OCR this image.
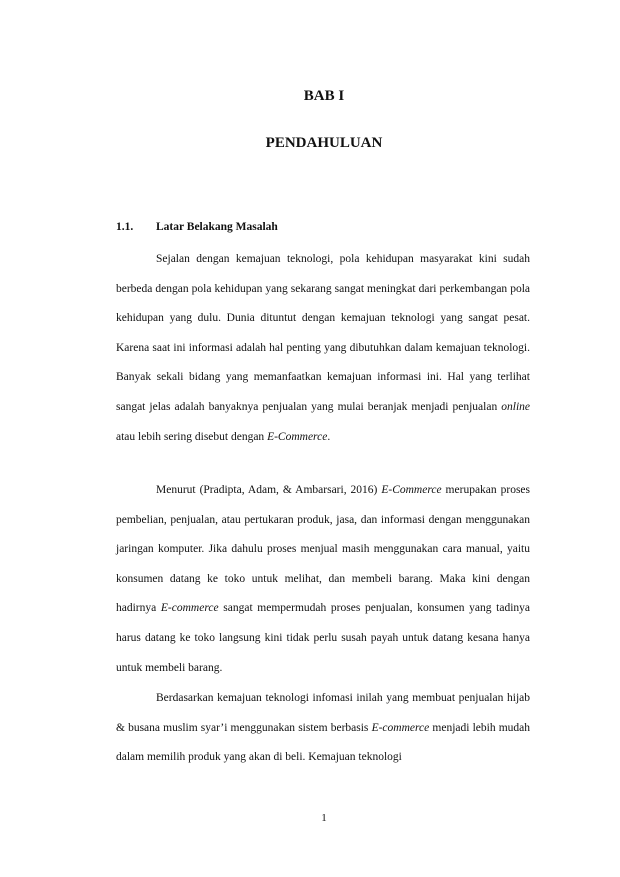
BAB I
PENDAHULUAN
1.1. Latar Belakang Masalah

Sejalan dengan kemajuan teknologi, pola kehidupan masyarakat kini sudah berbeda dengan pola kehidupan yang sekarang sangat meningkat dari perkembangan pola kehidupan yang dulu. Dunia dituntut dengan kemajuan teknologi yang sangat pesat. Karena saat ini informasi adalah hal penting yang dibutuhkan dalam kemajuan teknologi. Banyak sekali bidang yang memanfaatkan kemajuan informasi ini. Hal yang terlihat sangat jelas adalah banyaknya penjualan yang mulai beranjak menjadi penjualan online atau lebih sering disebut dengan E-Commerce.

Menurut (Pradipta, Adam, & Ambarsari, 2016) E-Commerce merupakan proses pembelian, penjualan, atau pertukaran produk, jasa, dan informasi dengan menggunakan jaringan komputer. Jika dahulu proses menjual masih menggunakan cara manual, yaitu konsumen datang ke toko untuk melihat, dan membeli barang. Maka kini dengan hadirnya E-commerce sangat mempermudah proses penjualan, konsumen yang tadinya harus datang ke toko langsung kini tidak perlu susah payah untuk datang kesana hanya untuk membeli barang.

Berdasarkan kemajuan teknologi infomasi inilah yang membuat penjualan hijab & busana muslim syar’i menggunakan sistem berbasis E-commerce menjadi lebih mudah dalam memilih produk yang akan di beli. Kemajuan teknologi

1
